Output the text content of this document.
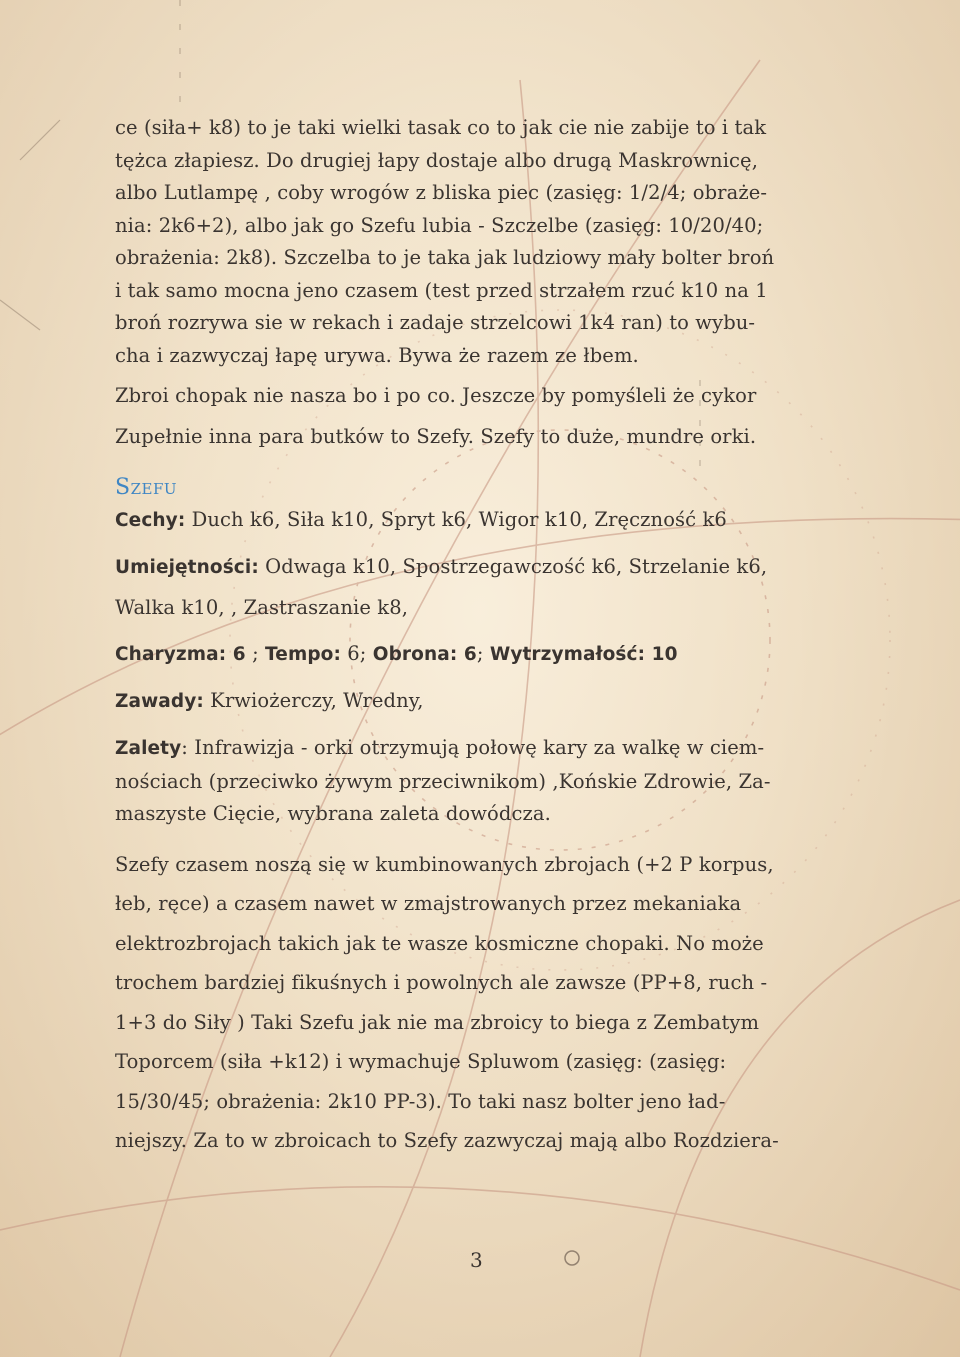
ce (siła+ k8) to je taki wielki tasak co to jak cie nie zabije to i tak

tężca złapiesz. Do drugiej łapy dostaje albo drugą Maskrownicę,

albo Lutlampę , coby wrogów z bliska piec (zasięg: 1/2/4; obraże-

nia: 2k6+2), albo jak go Szefu lubia - Szczelbe (zasięg: 10/20/40;

obrażenia: 2k8). Szczelba to je taka jak ludziowy mały bolter broń

i tak samo mocna jeno czasem (test przed strzałem rzuć k10 na 1

broń rozrywa sie w rekach i zadaje strzelcowi 1k4 ran) to wybu-

cha i zazwyczaj łapę urywa. Bywa że razem ze łbem.

Zbroi chopak nie nasza bo i po co. Jeszcze by pomyśleli że cykor

Zupełnie inna para butków to Szefy. Szefy to duże, mundre orki.

Szefu

Cechy: Duch k6, Siła k10, Spryt k6, Wigor k10, Zręczność k6

Umiejętności: Odwaga k10, Spostrzegawczość k6, Strzelanie k6,

Walka k10, , Zastraszanie k8,

Charyzma: 6 ; Tempo: 6; Obrona: 6; Wytrzymałość: 10

Zawady: Krwiożerczy, Wredny,

Zalety: Infrawizja - orki otrzymują połowę kary za walkę w ciem-

nościach (przeciwko żywym przeciwnikom) ,Końskie Zdrowie, Za-

maszyste Cięcie, wybrana zaleta dowódcza.

Szefy czasem noszą się w kumbinowanych zbrojach (+2 P korpus,

łeb, ręce) a czasem nawet w zmajstrowanych przez mekaniaka

elektrozbrojach takich jak te wasze kosmiczne chopaki. No może

trochem bardziej fikuśnych i powolnych ale zawsze (PP+8, ruch -

1+3 do Siły ) Taki Szefu jak nie ma zbroicy to biega z Zembatym

Toporcem (siła +k12) i wymachuje Spluwom (zasięg: (zasięg:

15/30/45; obrażenia: 2k10 PP-3). To taki nasz bolter jeno ład-

niejszy. Za to w zbroicach to Szefy zazwyczaj mają albo Rozdziera-

3
